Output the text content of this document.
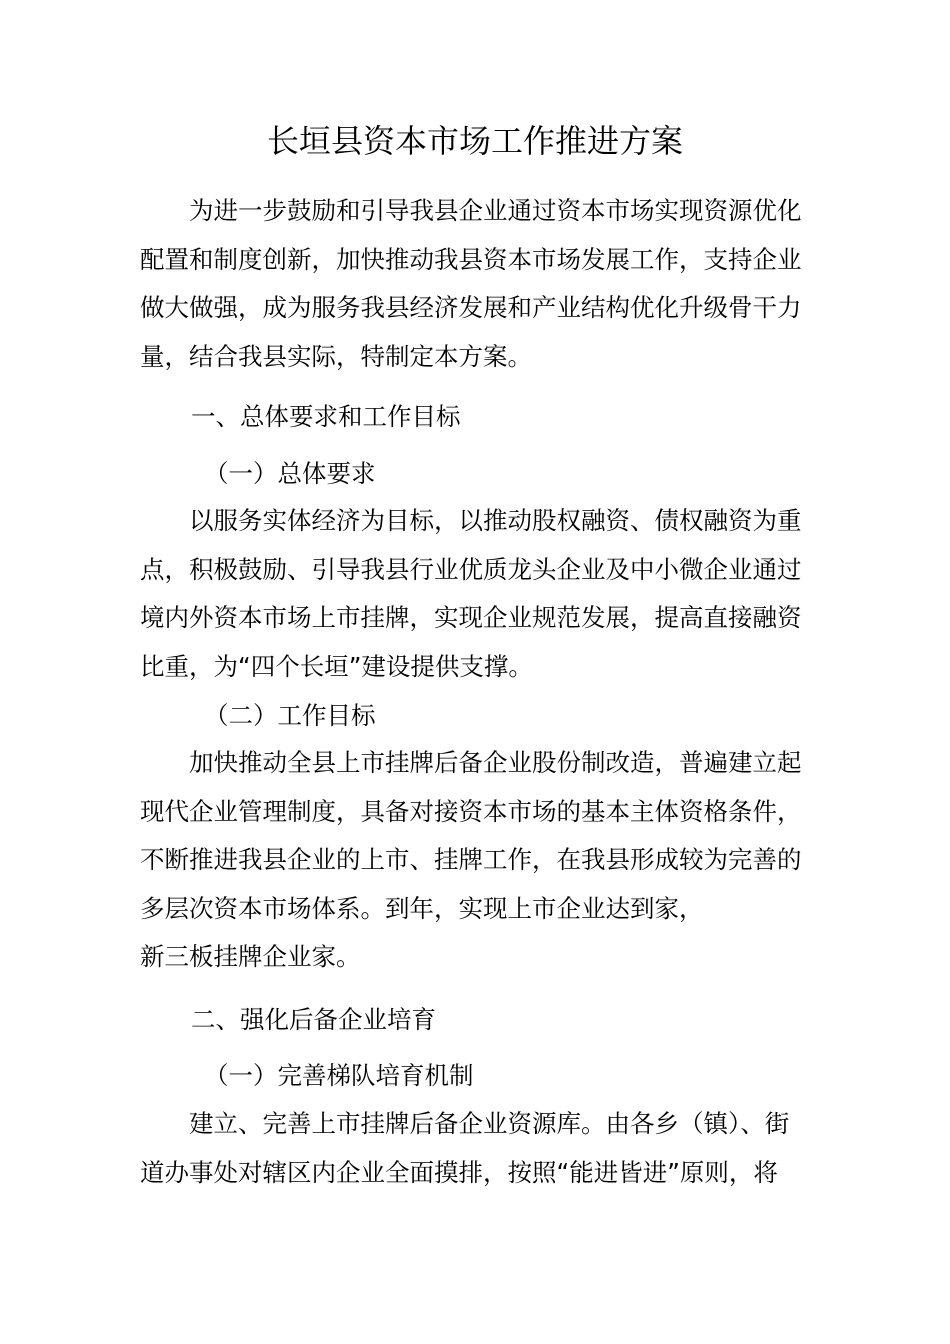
长垣县资本市场工作推进方案
为进一步鼓励和引导我县企业通过资本市场实现资源优化
配置和制度创新，加快推动我县资本市场发展工作，支持企业
做大做强，成为服务我县经济发展和产业结构优化升级骨干力
量，结合我县实际，特制定本方案。
一、总体要求和工作目标
（一）总体要求
以服务实体经济为目标，以推动股权融资、债权融资为重
点，积极鼓励、引导我县行业优质龙头企业及中小微企业通过
境内外资本市场上市挂牌，实现企业规范发展，提高直接融资
比重，为“四个长垣”建设提供支撑。
（二）工作目标
加快推动全县上市挂牌后备企业股份制改造，普遍建立起
现代企业管理制度，具备对接资本市场的基本主体资格条件，
不断推进我县企业的上市、挂牌工作，在我县形成较为完善的
多层次资本市场体系。到年，实现上市企业达到家，
新三板挂牌企业家。
二、强化后备企业培育
（一）完善梯队培育机制
建立、完善上市挂牌后备企业资源库。由各乡（镇）、街
道办事处对辖区内企业全面摸排，按照“能进皆进”原则，将
